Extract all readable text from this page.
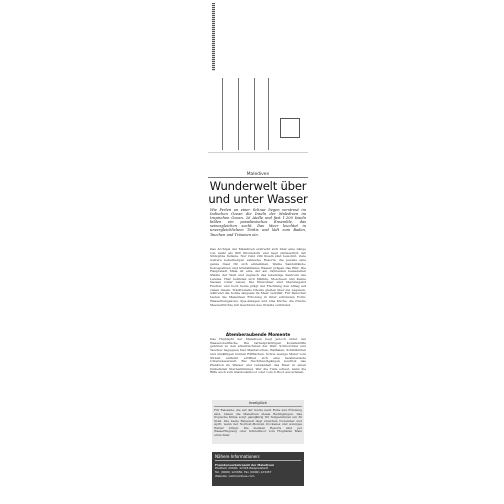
Malediven
Wunderwelt über und unter Wasser
Wie Perlen an einer Schnur liegen verstreut im Indischen Ozean die Inseln der Malediven im tropischen Ozean. 26 Atolle und fast 1.200 Inseln bilden ein paradiesisches Ensemble, das seinesgleichen sucht. Das Meer leuchtet in unvergleichlichem Türkis und lädt zum Baden, Tauchen und Träumen ein.
Das Archipel der Malediven erstreckt sich über eine Länge von mehr als 800 Kilometern und liegt südwestlich der Südspitze Indiens. Nur rund 200 Inseln sind bewohnt, viele weitere beherbergen exklusive Resorts, die jeweils eine ganze Insel für sich einnehmen. Weiße Sandstrände, Kokospalmen und kristallklares Wasser prägen das Bild. Die Hauptstadt Malé ist eine der am dichtesten besiedelten Städte der Welt und zugleich das lebendige Zentrum des Landes. Hier befinden sich Märkte, Moscheen und kleine Gassen voller Leben. Die Einwohner sind überwiegend Fischer, und noch heute prägt der Fischfang den Alltag auf vielen Inseln. Traditionelle Dhonis gleiten über die Lagunen, während die Sonne langsam im Meer versinkt. Für Besucher bieten die Malediven Erholung in ihrer schönsten Form: Wasserbungalows, Spa-Anlagen und eine Küche, die frische Meeresfrüchte mit Gewürzen des Orients verbindet.
Atemberaubende Momente
Das Highlight der Malediven liegt jedoch unter der Wasseroberfläche. Die farbenprächtigen Korallenriffe gehören zu den artenreichsten der Welt. Schnorchler und Taucher begegnen hier Mantarochen, Walhaien, Schildkröten und unzähligen bunten Rifffischen. Schon wenige Meter vom Strand entfernt eröffnet sich eine faszinierende Unterwasserwelt. Bei Nachttauchgängen leuchtet das Plankton im Wasser und verwandelt das Meer in einen funkelnden Sternenhimmel. Wer die Tiefe scheut, kann die Riffe auch vom Glasbodenboot oder vom U-Boot aus erleben.
Inselglück
Für Reisende, die auf der Suche nach Ruhe und Erholung sind, bieten die Malediven ideale Bedingungen. Das tropische Klima sorgt ganzjährig für Temperaturen um 30 Grad. Die beste Reisezeit liegt zwischen November und April, wenn der Nordost-Monsun trockenes und sonniges Wetter bringt. Die meisten Resorts sind per Wasserflugzeug oder Schnellboot vom Flughafen Malé erreichbar.
Nähere Informationen:
Fremdenverkehrsamt der Malediven
Postfach 20040, 12345 Beispielstadt
Tel. (0000) 123456, Fax (0000) 123457
Website: visitmaldives.com
